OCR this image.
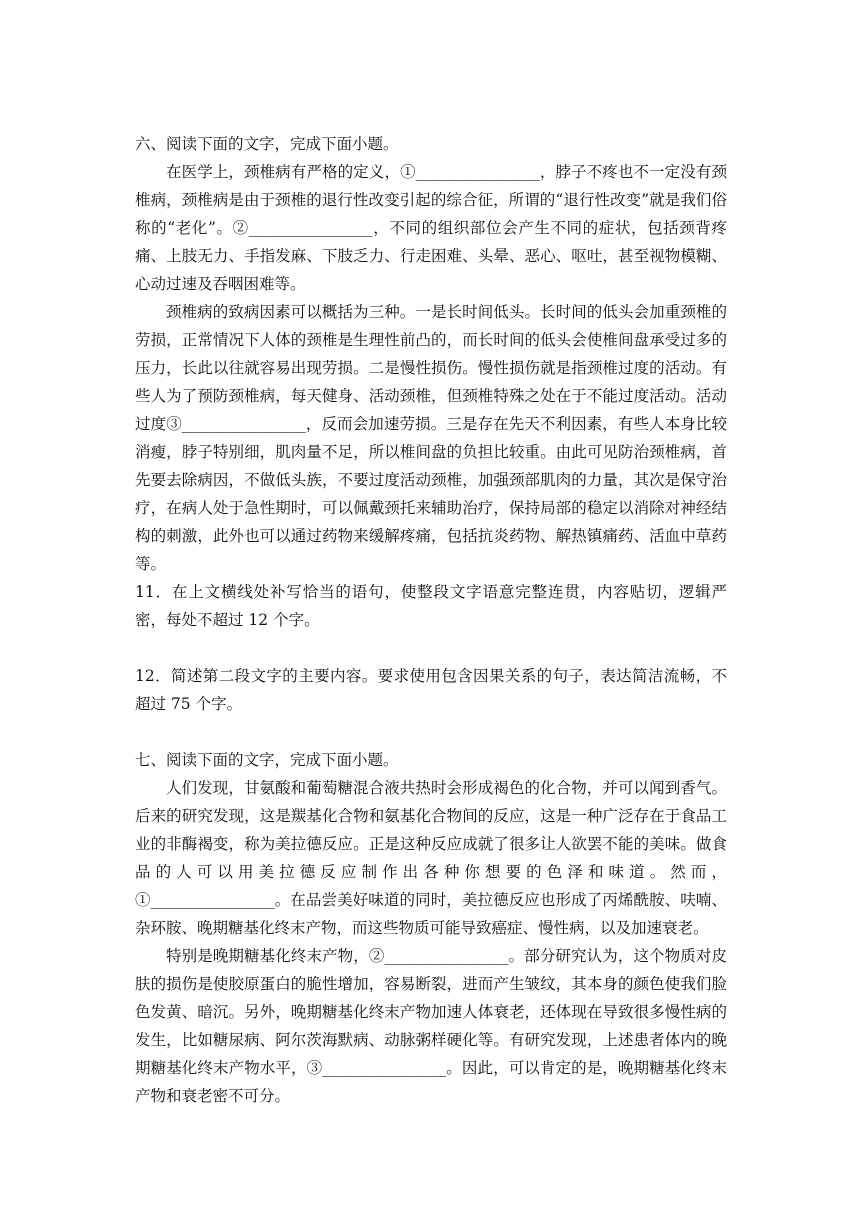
六、阅读下面的文字，完成下面小题。

在医学上，颈椎病有严格的定义，①________________，脖子不疼也不一定没有颈椎病，颈椎病是由于颈椎的退行性改变引起的综合征，所谓的“退行性改变”就是我们俗称的“老化”。②________________，不同的组织部位会产生不同的症状，包括颈背疼痛、上肢无力、手指发麻、下肢乏力、行走困难、头晕、恶心、呕吐，甚至视物模糊、心动过速及吞咽困难等。

颈椎病的致病因素可以概括为三种。一是长时间低头。长时间的低头会加重颈椎的劳损，正常情况下人体的颈椎是生理性前凸的，而长时间的低头会使椎间盘承受过多的压力，长此以往就容易出现劳损。二是慢性损伤。慢性损伤就是指颈椎过度的活动。有些人为了预防颈椎病，每天健身、活动颈椎，但颈椎特殊之处在于不能过度活动。活动过度③________________，反而会加速劳损。三是存在先天不利因素，有些人本身比较消瘦，脖子特别细，肌肉量不足，所以椎间盘的负担比较重。由此可见防治颈椎病，首先要去除病因，不做低头族，不要过度活动颈椎，加强颈部肌肉的力量，其次是保守治疗，在病人处于急性期时，可以佩戴颈托来辅助治疗，保持局部的稳定以消除对神经结构的刺激，此外也可以通过药物来缓解疼痛，包括抗炎药物、解热镇痛药、活血中草药等。

11．在上文横线处补写恰当的语句，使整段文字语意完整连贯，内容贴切，逻辑严密，每处不超过 12 个字。

12．简述第二段文字的主要内容。要求使用包含因果关系的句子，表达简洁流畅，不超过 75 个字。

七、阅读下面的文字，完成下面小题。

人们发现，甘氨酸和葡萄糖混合液共热时会形成褐色的化合物，并可以闻到香气。后来的研究发现，这是羰基化合物和氨基化合物间的反应，这是一种广泛存在于食品工业的非酶褐变，称为美拉德反应。正是这种反应成就了很多让人欲罢不能的美味。做食品的人可以用美拉德反应制作出各种你想要的色泽和味道。然而，①________________。在品尝美好味道的同时，美拉德反应也形成了丙烯酰胺、呋喃、杂环胺、晚期糖基化终末产物，而这些物质可能导致癌症、慢性病，以及加速衰老。

特别是晚期糖基化终末产物，②________________。部分研究认为，这个物质对皮肤的损伤是使胶原蛋白的脆性增加，容易断裂，进而产生皱纹，其本身的颜色使我们脸色发黄、暗沉。另外，晚期糖基化终末产物加速人体衰老，还体现在导致很多慢性病的发生，比如糖尿病、阿尔茨海默病、动脉粥样硬化等。有研究发现，上述患者体内的晚期糖基化终末产物水平，③________________。因此，可以肯定的是，晚期糖基化终末产物和衰老密不可分。
